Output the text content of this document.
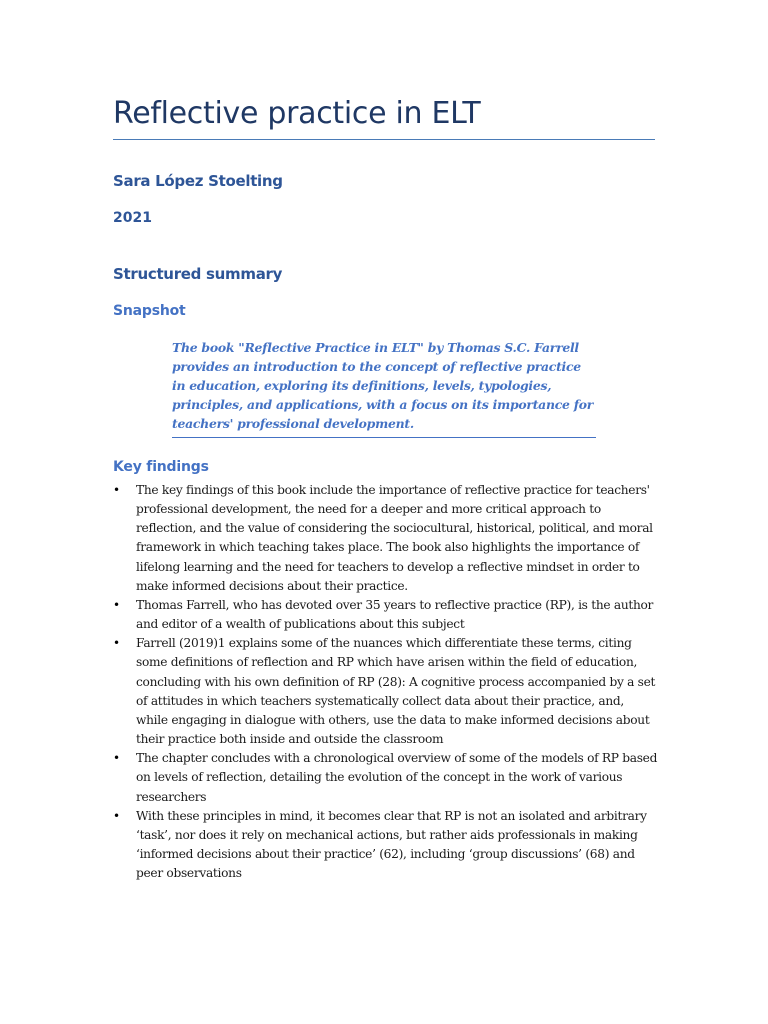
Reflective practice in ELT
Sara López Stoelting
2021
Structured summary
Snapshot

The book "Reflective Practice in ELT" by Thomas S.C. Farrell provides an introduction to the concept of reflective practice in education, exploring its definitions, levels, typologies, principles, and applications, with a focus on its importance for teachers' professional development.

Key findings
• The key findings of this book include the importance of reflective practice for teachers' professional development, the need for a deeper and more critical approach to reflection, and the value of considering the sociocultural, historical, political, and moral framework in which teaching takes place. The book also highlights the importance of lifelong learning and the need for teachers to develop a reflective mindset in order to make informed decisions about their practice.
• Thomas Farrell, who has devoted over 35 years to reflective practice (RP), is the author and editor of a wealth of publications about this subject
• Farrell (2019)1 explains some of the nuances which differentiate these terms, citing some definitions of reflection and RP which have arisen within the field of education, concluding with his own definition of RP (28): A cognitive process accompanied by a set of attitudes in which teachers systematically collect data about their practice, and, while engaging in dialogue with others, use the data to make informed decisions about their practice both inside and outside the classroom
• The chapter concludes with a chronological overview of some of the models of RP based on levels of reflection, detailing the evolution of the concept in the work of various researchers
• With these principles in mind, it becomes clear that RP is not an isolated and arbitrary ‘task’, nor does it rely on mechanical actions, but rather aids professionals in making ‘informed decisions about their practice’ (62), including ‘group discussions’ (68) and peer observations
